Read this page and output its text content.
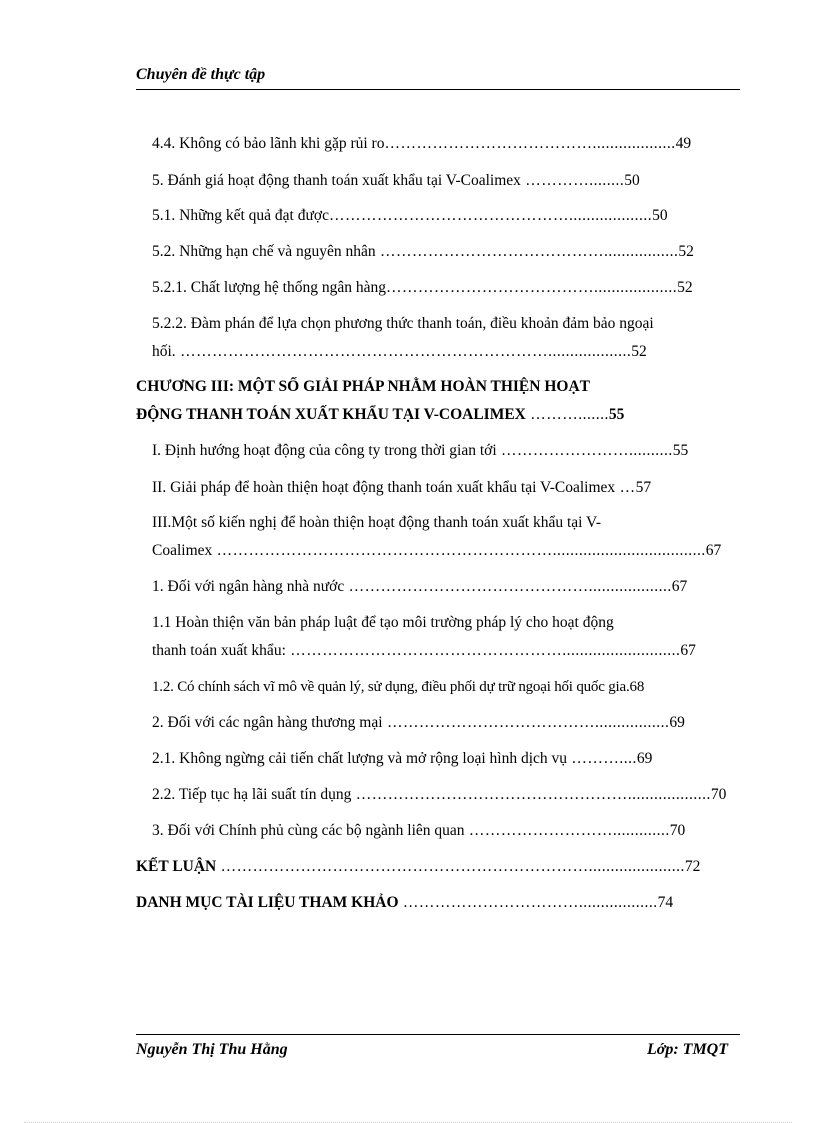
Chuyên đề thực tập
4.4. Không có bảo lãnh khi gặp rủi ro…………………………………...................49
5. Đánh giá hoạt động thanh toán xuất khẩu tại V-Coalimex …………........50
5.1. Những kết quả đạt được………………………………………...................50
5.2. Những hạn chế và nguyên nhân …………………………………….................52
5.2.1. Chất lượng hệ thống ngân hàng…………………………………...................52
5.2.2. Đàm phán để lựa chọn phương thức thanh toán, điều khoản đảm bảo ngoại
hối. ……………………………………………………………...................52
CHƯƠNG III: MỘT SỐ GIẢI PHÁP NHẰM HOÀN THIỆN HOẠT
ĐỘNG THANH TOÁN XUẤT KHẨU TẠI V-COALIMEX ……….......55
I. Định hướng hoạt động của công ty trong thời gian tới ……………………..........55
II. Giải pháp để hoàn thiện hoạt động thanh toán xuất khẩu tại V-Coalimex …57
III.Một số kiến nghị để hoàn thiện hoạt động thanh toán xuất khẩu tại V-
Coalimex ………………………………………………………...................................67
1. Đối với ngân hàng nhà nước ………………………………………...................67
1.1 Hoàn thiện văn bản pháp luật để tạo môi trường pháp lý cho hoạt động
thanh toán xuất khẩu: ……………………………………………...........................67
1.2. Có chính sách vĩ mô về quản lý, sử dụng, điều phối dự trữ ngoại hối quốc gia.68
2. Đối với các ngân hàng thương mại ………………………………….................69
2.1. Không ngừng cải tiến chất lượng và mở rộng loại hình dịch vụ ………....69
2.2. Tiếp tục hạ lãi suất tín dụng ……………………………………………...................70
3. Đối với Chính phủ cùng các bộ ngành liên quan ……………………….............70
KẾT LUẬN ……………………………………………………………......................72
DANH MỤC TÀI LIỆU THAM KHẢO ……………………………..................74
Nguyễn Thị Thu Hằng	Lớp: TMQT
